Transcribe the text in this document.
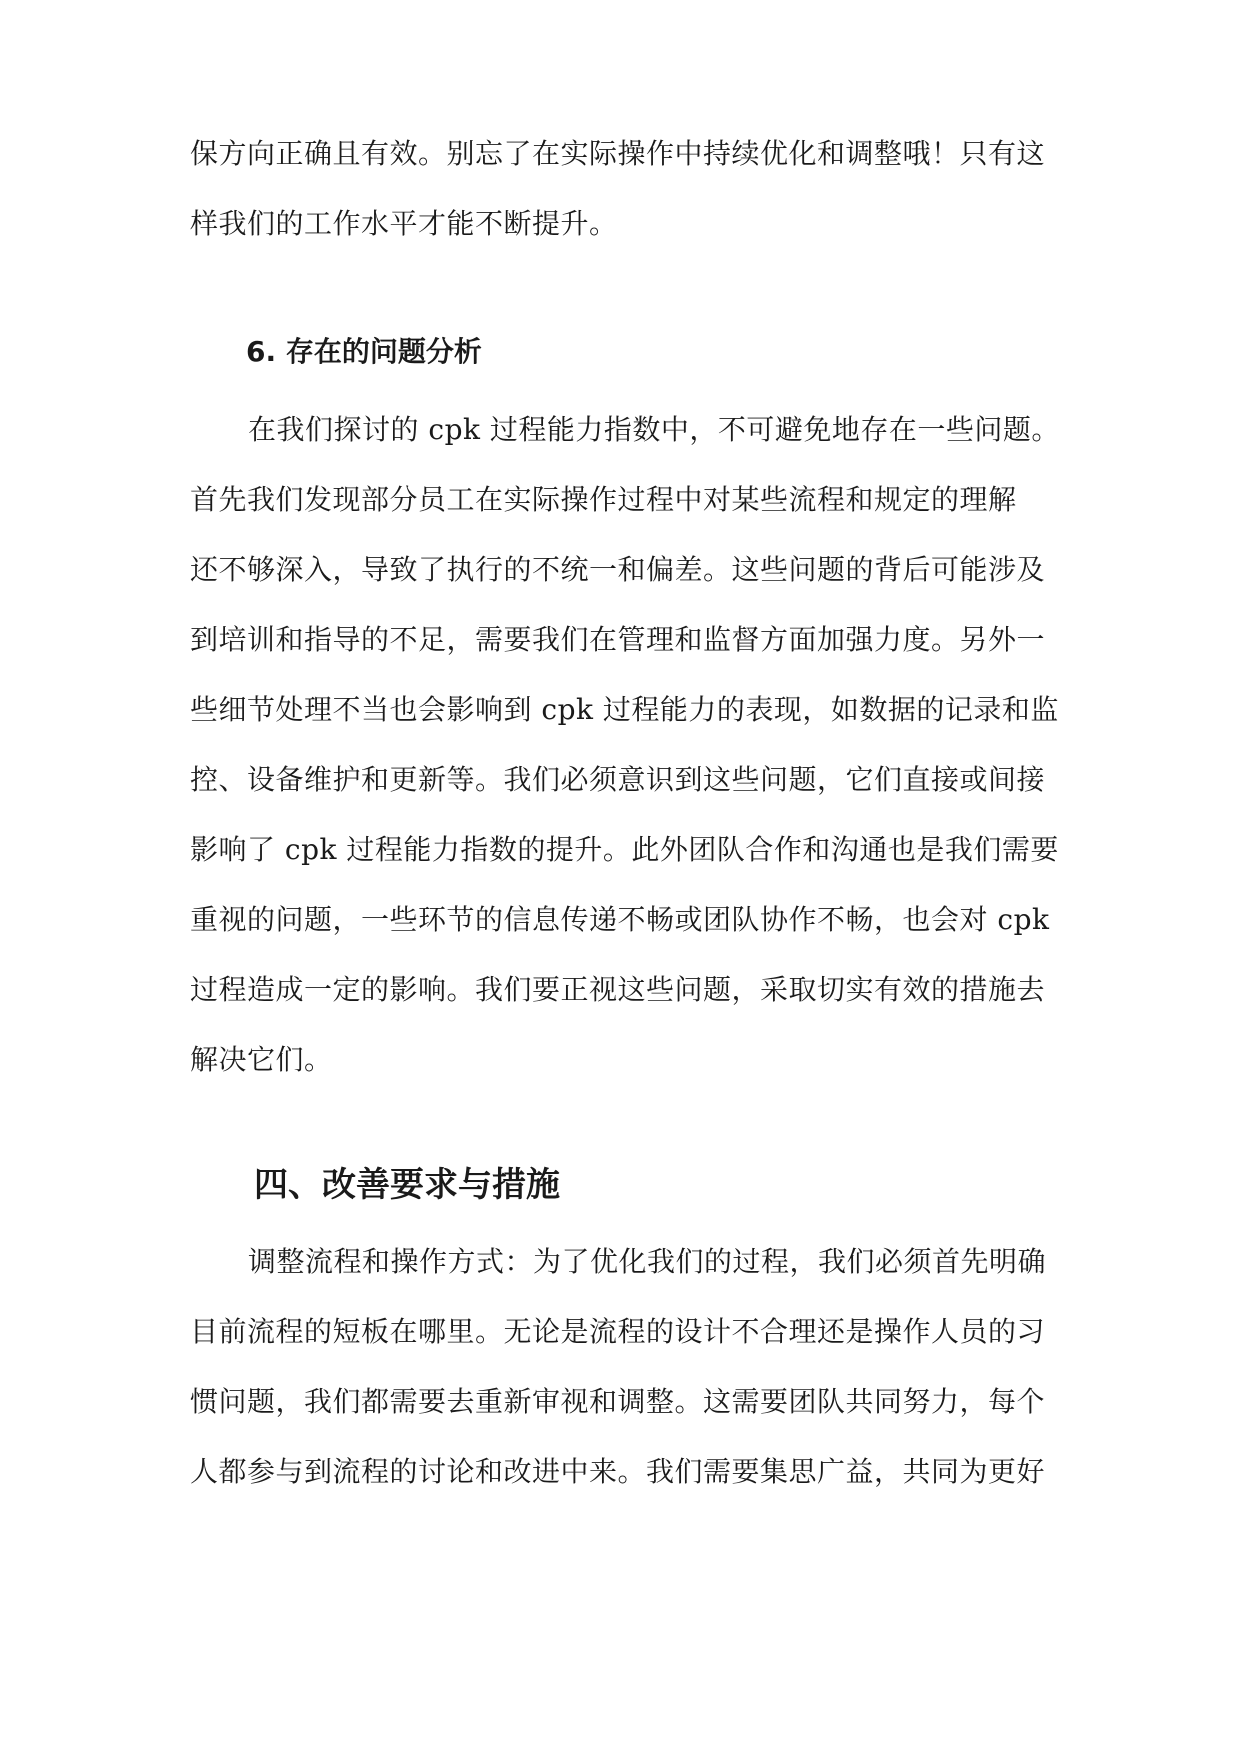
保方向正确且有效。别忘了在实际操作中持续优化和调整哦！只有这
样我们的工作水平才能不断提升。
6. 存在的问题分析
在我们探讨的 cpk 过程能力指数中，不可避免地存在一些问题。
首先我们发现部分员工在实际操作过程中对某些流程和规定的理解
还不够深入，导致了执行的不统一和偏差。这些问题的背后可能涉及
到培训和指导的不足，需要我们在管理和监督方面加强力度。另外一
些细节处理不当也会影响到 cpk 过程能力的表现，如数据的记录和监
控、设备维护和更新等。我们必须意识到这些问题，它们直接或间接
影响了 cpk 过程能力指数的提升。此外团队合作和沟通也是我们需要
重视的问题，一些环节的信息传递不畅或团队协作不畅，也会对 cpk
过程造成一定的影响。我们要正视这些问题，采取切实有效的措施去
解决它们。
四、改善要求与措施
调整流程和操作方式：为了优化我们的过程，我们必须首先明确
目前流程的短板在哪里。无论是流程的设计不合理还是操作人员的习
惯问题，我们都需要去重新审视和调整。这需要团队共同努力，每个
人都参与到流程的讨论和改进中来。我们需要集思广益，共同为更好
